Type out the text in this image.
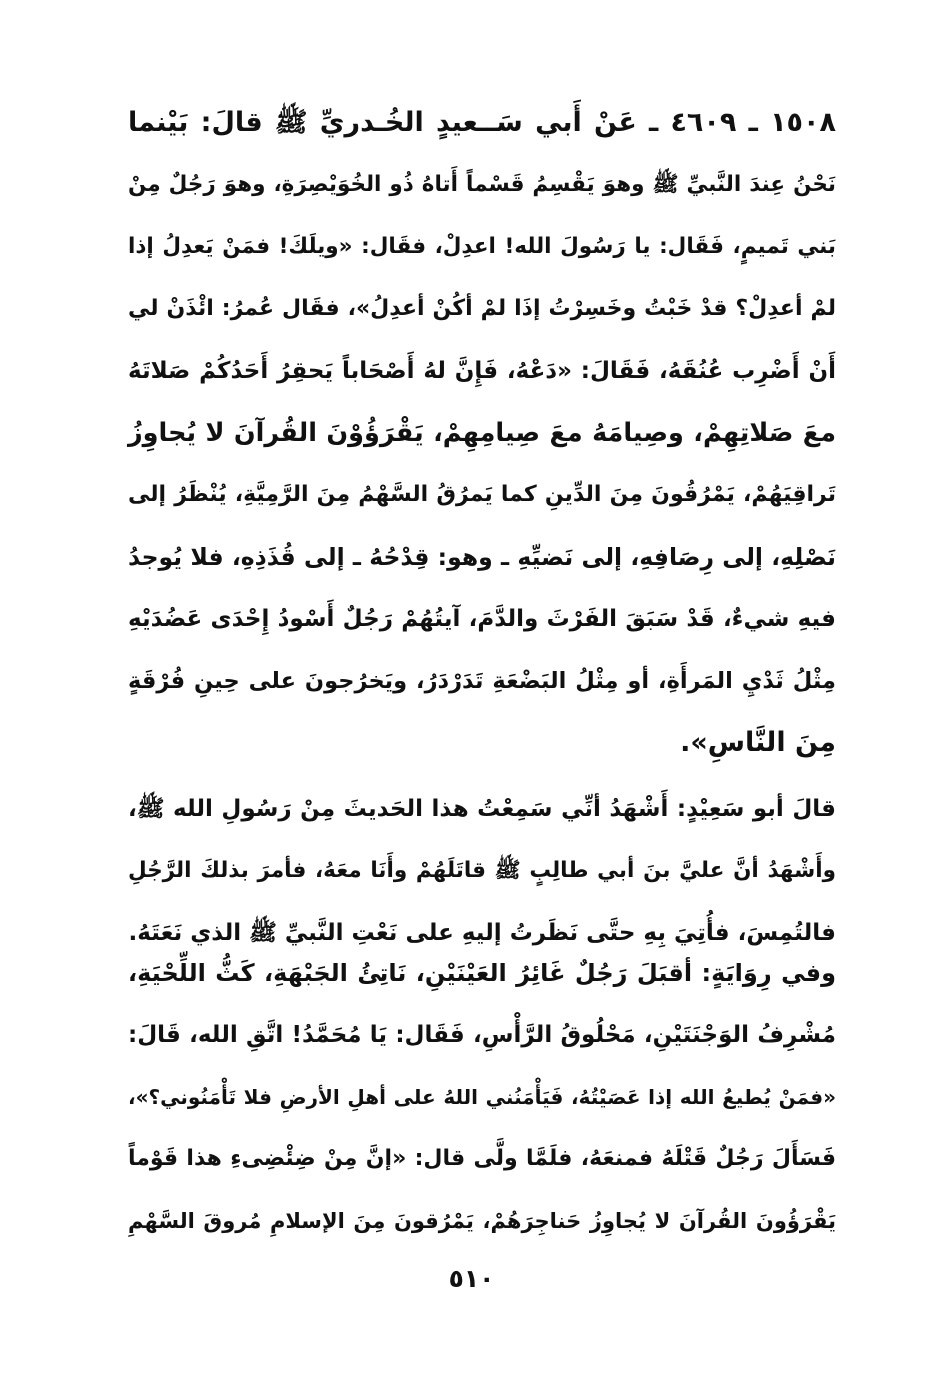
١٥٠٨ ـ ٤٦٠٩ ـ عَنْ أَبي سَــعيدٍ الخُـدريِّ ﷺ قالَ: بَيْنما
نَحْنُ عِندَ النَّبيِّ ﷺ وهوَ يَقْسِمُ قَسْماً أَتاهُ ذُو الخُوَيْصِرَةِ، وهوَ رَجُلٌ مِنْ
بَني تَميمٍ، فَقَال: يا رَسُولَ الله! اعدِلْ، فقَال: «ويلَكَ! فمَنْ يَعدِلُ إذا
لمْ أعدِلْ؟ قدْ خَبْتُ وخَسِرْتُ إذَا لمْ أكُنْ أعدِلُ»، فقَال عُمرُ: ائْذَنْ لي
أَنْ أَضْرِب عُنُقَهُ، فَقَالَ: «دَعْهُ، فَإِنَّ لهُ أَصْحَاباً يَحقِرُ أَحَدُكُمْ صَلاتَهُ
معَ صَلاتِهِمْ، وصِيامَهُ معَ صِيامِهِمْ، يَقْرَؤُوْنَ القُرآنَ لا يُجاوِزُ
تَراقِيَهُمْ، يَمْرُقُونَ مِنَ الدِّينِ كما يَمرُقُ السَّهْمُ مِنَ الرَّمِيَّةِ، يُنْظَرُ إلى
نَصْلِهِ، إلى رِصَافِهِ، إلى نَضيِّهِ ـ وهو: قِدْحُهُ ـ إلى قُذَذِهِ، فلا يُوجدُ
فيهِ شيءٌ، قَدْ سَبَقَ الفَرْثَ والدَّمَ، آيتُهُمْ رَجُلٌ أَسْودُ إِحْدَى عَضُدَيْهِ
مِثْلُ ثَدْيِ المَرأَةِ، أو مِثْلُ البَضْعَةِ تَدَرْدَرُ، ويَخرُجونَ على حِينِ فُرْقَةٍ
مِنَ النَّاسِ».
قالَ أبو سَعِيْدٍ: أَشْهَدُ أنِّي سَمِعْتُ هذا الحَديثَ مِنْ رَسُولِ الله ﷺ،
وأَشْهَدُ أنَّ عليَّ بنَ أبي طالِبٍ ﷺ قاتَلَهُمْ وأَنَا معَهُ، فأمرَ بذلكَ الرَّجُلِ
فالتُمِسَ، فأُتِيَ بِهِ حتَّى نَظَرتُ إليهِ على نَعْتِ النَّبيِّ ﷺ الذي نَعَتَهُ.
وفي رِوَايَةٍ: أقبَلَ رَجُلٌ غَائِرُ العَيْنَيْنِ، نَاتِئُ الجَبْهَةِ، كَثُّ اللِّحْيَةِ،
مُشْرِفُ الوَجْنَتَيْنِ، مَحْلُوقُ الرَّأْسِ، فَقَال: يَا مُحَمَّدُ! اتَّقِ الله، قَالَ:
«فمَنْ يُطيعُ الله إذا عَصَيْتُهُ، فَيَأْمَنُني اللهُ على أهلِ الأرضِ فلا تَأْمَنُوني؟»،
فَسَأَلَ رَجُلٌ قَتْلَهُ فمنعَهُ، فلَمَّا ولَّى قال: «إنَّ مِنْ ضِئْضِىءِ هذا قَوْماً
يَقْرَؤُونَ القُرآنَ لا يُجاوِزُ حَناجِرَهُمْ، يَمْرُقونَ مِنَ الإسلامِ مُروقَ السَّهْمِ
٥١٠
